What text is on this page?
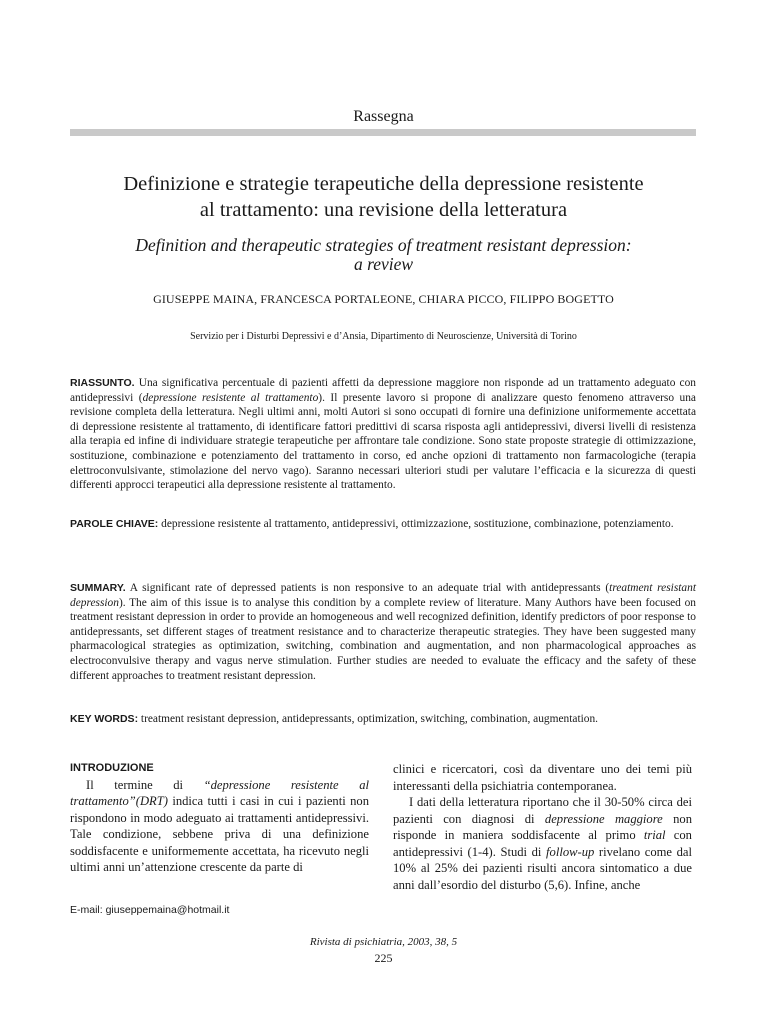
Rassegna
Definizione e strategie terapeutiche della depressione resistente
al trattamento: una revisione della letteratura
Definition and therapeutic strategies of treatment resistant depression:
a review
GIUSEPPE MAINA, FRANCESCA PORTALEONE, CHIARA PICCO, FILIPPO BOGETTO
Servizio per i Disturbi Depressivi e d’Ansia, Dipartimento di Neuroscienze, Università di Torino
RIASSUNTO. Una significativa percentuale di pazienti affetti da depressione maggiore non risponde ad un trattamento adeguato con antidepressivi (depressione resistente al trattamento). Il presente lavoro si propone di analizzare questo fenomeno attraverso una revisione completa della letteratura. Negli ultimi anni, molti Autori si sono occupati di fornire una definizione uniformemente accettata di depressione resistente al trattamento, di identificare fattori predittivi di scarsa risposta agli antidepressivi, diversi livelli di resistenza alla terapia ed infine di individuare strategie terapeutiche per affrontare tale condizione. Sono state proposte strategie di ottimizzazione, sostituzione, combinazione e potenziamento del trattamento in corso, ed anche opzioni di trattamento non farmacologiche (terapia elettroconvulsivante, stimolazione del nervo vago). Saranno necessari ulteriori studi per valutare l’efficacia e la sicurezza di questi differenti approcci terapeutici alla depressione resistente al trattamento.
PAROLE CHIAVE: depressione resistente al trattamento, antidepressivi, ottimizzazione, sostituzione, combinazione, potenziamento.
SUMMARY. A significant rate of depressed patients is non responsive to an adequate trial with antidepressants (treatment resistant depression). The aim of this issue is to analyse this condition by a complete review of literature. Many Authors have been focused on treatment resistant depression in order to provide an homogeneous and well recognized definition, identify predictors of poor response to antidepressants, set different stages of treatment resistance and to characterize therapeutic strategies. They have been suggested many pharmacological strategies as optimization, switching, combination and augmentation, and non pharmacological approaches as electroconvulsive therapy and vagus nerve stimulation. Further studies are needed to evaluate the efficacy and the safety of these different approaches to treatment resistant depression.
KEY WORDS: treatment resistant depression, antidepressants, optimization, switching, combination, augmentation.

INTRODUZIONE

Il termine di “depressione resistente al trattamento”(DRT) indica tutti i casi in cui i pazienti non rispondono in modo adeguato ai trattamenti antidepressivi. Tale condizione, sebbene priva di una definizione soddisfacente e uniformemente accettata, ha ricevuto negli ultimi anni un’attenzione crescente da parte di

clinici e ricercatori, così da diventare uno dei temi più interessanti della psichiatria contemporanea.

I dati della letteratura riportano che il 30-50% circa dei pazienti con diagnosi di depressione maggiore non risponde in maniera soddisfacente al primo trial con antidepressivi (1-4). Studi di follow-up rivelano come dal 10% al 25% dei pazienti risulti ancora sintomatico a due anni dall’esordio del disturbo (5,6). Infine, anche

E-mail: giuseppemaina@hotmail.it
Rivista di psichiatria, 2003, 38, 5
225
